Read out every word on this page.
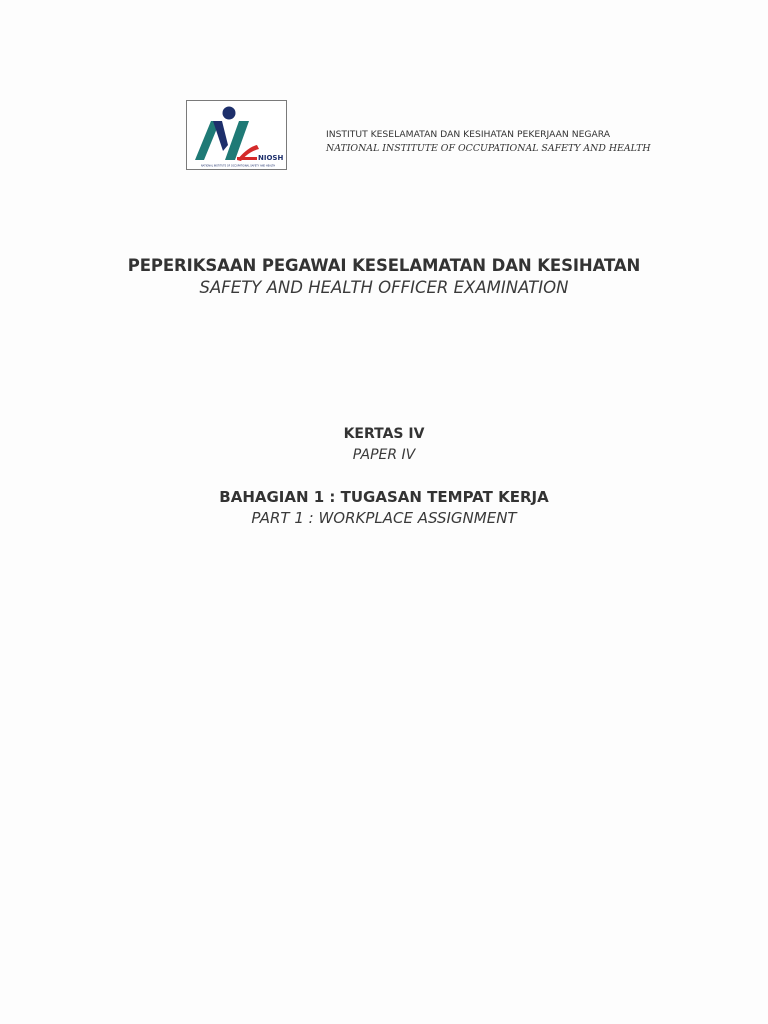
NIOSH
NATIONAL INSTITUTE OF OCCUPATIONAL SAFETY AND HEALTH
INSTITUT KESELAMATAN DAN KESIHATAN PEKERJAAN NEGARA
NATIONAL INSTITUTE OF OCCUPATIONAL SAFETY AND HEALTH
PEPERIKSAAN PEGAWAI KESELAMATAN DAN KESIHATAN
SAFETY AND HEALTH OFFICER EXAMINATION
KERTAS IV
PAPER IV
BAHAGIAN 1 : TUGASAN TEMPAT KERJA
PART 1 : WORKPLACE ASSIGNMENT
